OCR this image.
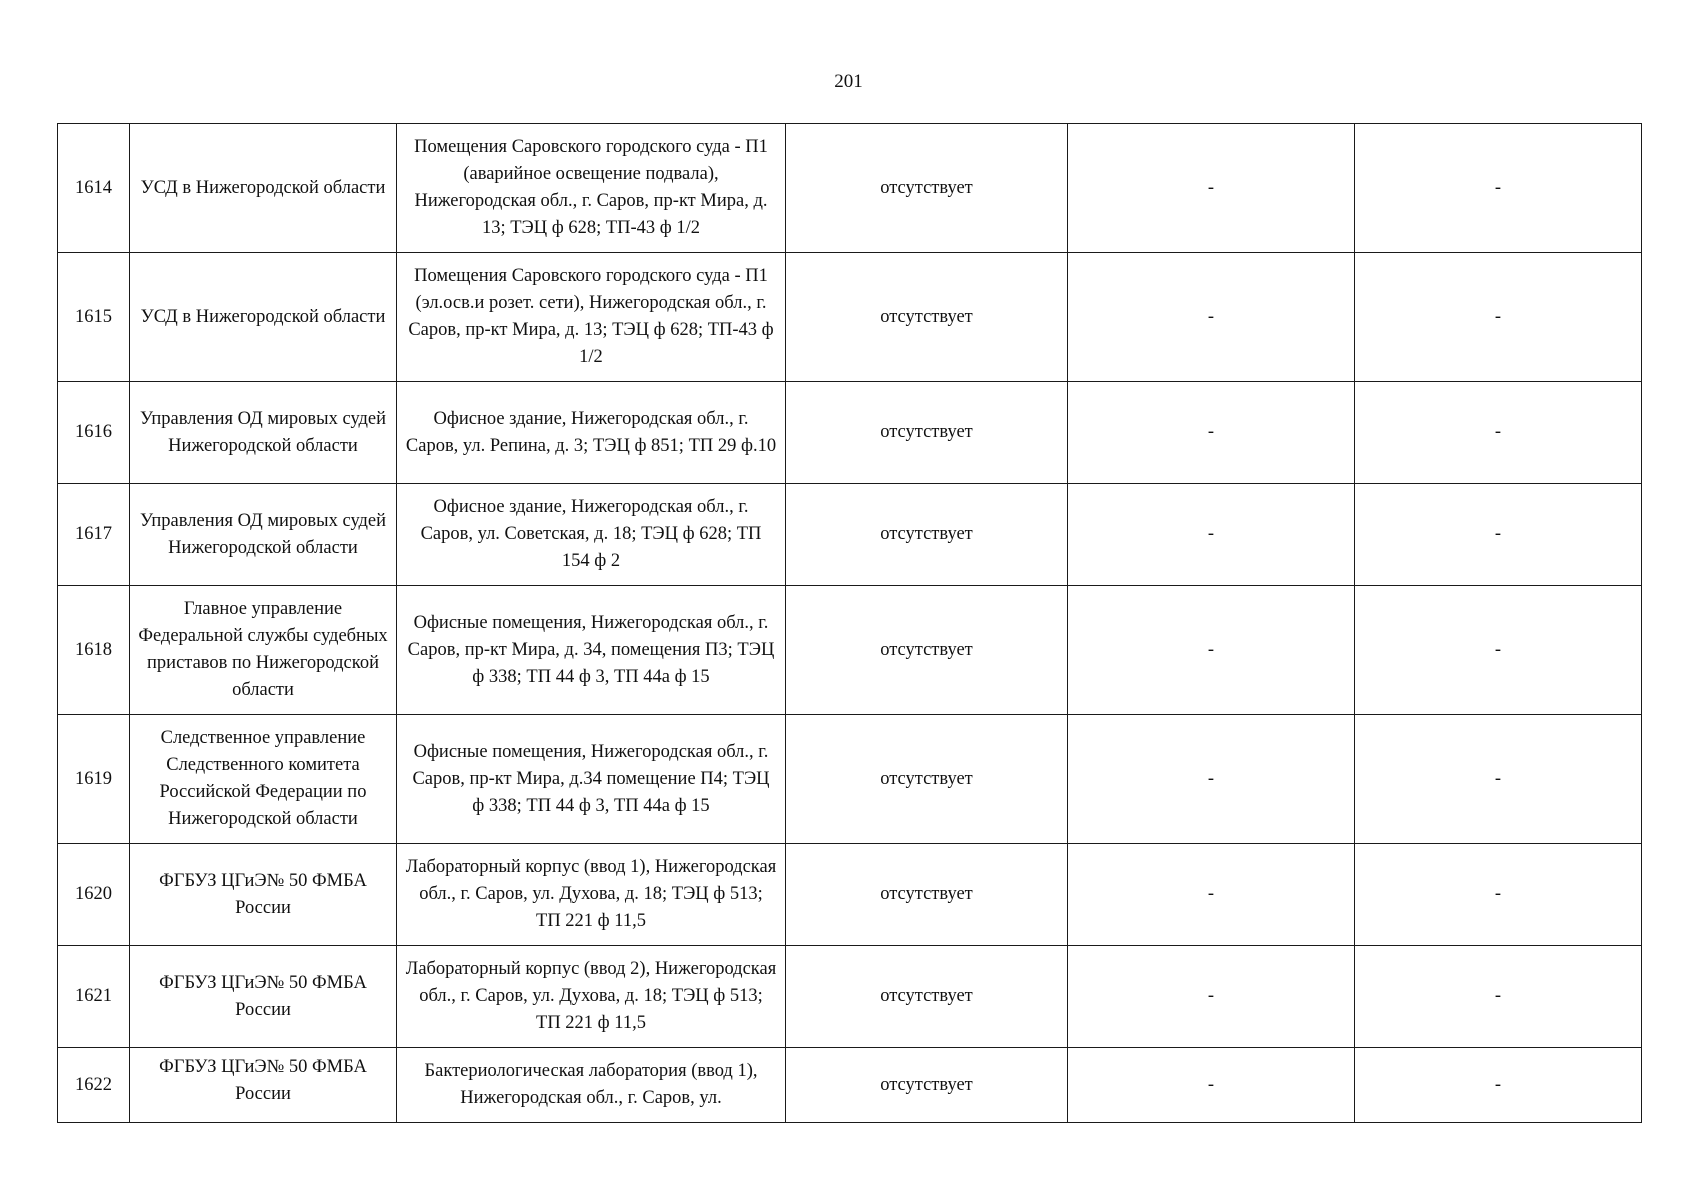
201
1614	УСД в Нижегородской области	Помещения Саровского городского суда - П1 (аварийное освещение подвала), Нижегородская обл., г. Саров, пр-кт Мира, д. 13; ТЭЦ ф 628; ТП-43 ф 1/2	отсутствует	-	-
1615	УСД в Нижегородской области	Помещения Саровского городского суда - П1 (эл.осв.и розет. сети), Нижегородская обл., г. Саров, пр-кт Мира, д. 13; ТЭЦ ф 628; ТП-43 ф 1/2	отсутствует	-	-
1616	Управления ОД мировых судей Нижегородской области	Офисное здание, Нижегородская обл., г. Саров, ул. Репина, д. 3; ТЭЦ ф 851; ТП 29 ф.10	отсутствует	-	-
1617	Управления ОД мировых судей Нижегородской области	Офисное здание, Нижегородская обл., г. Саров, ул. Советская, д. 18; ТЭЦ ф 628; ТП 154 ф 2	отсутствует	-	-
1618	Главное управление Федеральной службы судебных приставов по Нижегородской области	Офисные помещения, Нижегородская обл., г. Саров, пр-кт Мира, д. 34, помещения П3; ТЭЦ ф 338; ТП 44 ф 3, ТП 44а ф 15	отсутствует	-	-
1619	Следственное управление Следственного комитета Российской Федерации по Нижегородской области	Офисные помещения, Нижегородская обл., г. Саров, пр-кт Мира, д.34 помещение П4; ТЭЦ ф 338; ТП 44 ф 3, ТП 44а ф 15	отсутствует	-	-
1620	ФГБУЗ ЦГиЭ№ 50 ФМБА России	Лабораторный корпус (ввод 1), Нижегородская обл., г. Саров, ул. Духова, д. 18; ТЭЦ ф 513; ТП 221 ф 11,5	отсутствует	-	-
1621	ФГБУЗ ЦГиЭ№ 50 ФМБА России	Лабораторный корпус (ввод 2), Нижегородская обл., г. Саров, ул. Духова, д. 18; ТЭЦ ф 513; ТП 221 ф 11,5	отсутствует	-	-
1622	ФГБУЗ ЦГиЭ№ 50 ФМБА России	Бактериологическая лаборатория (ввод 1), Нижегородская обл., г. Саров, ул.	отсутствует	-	-
